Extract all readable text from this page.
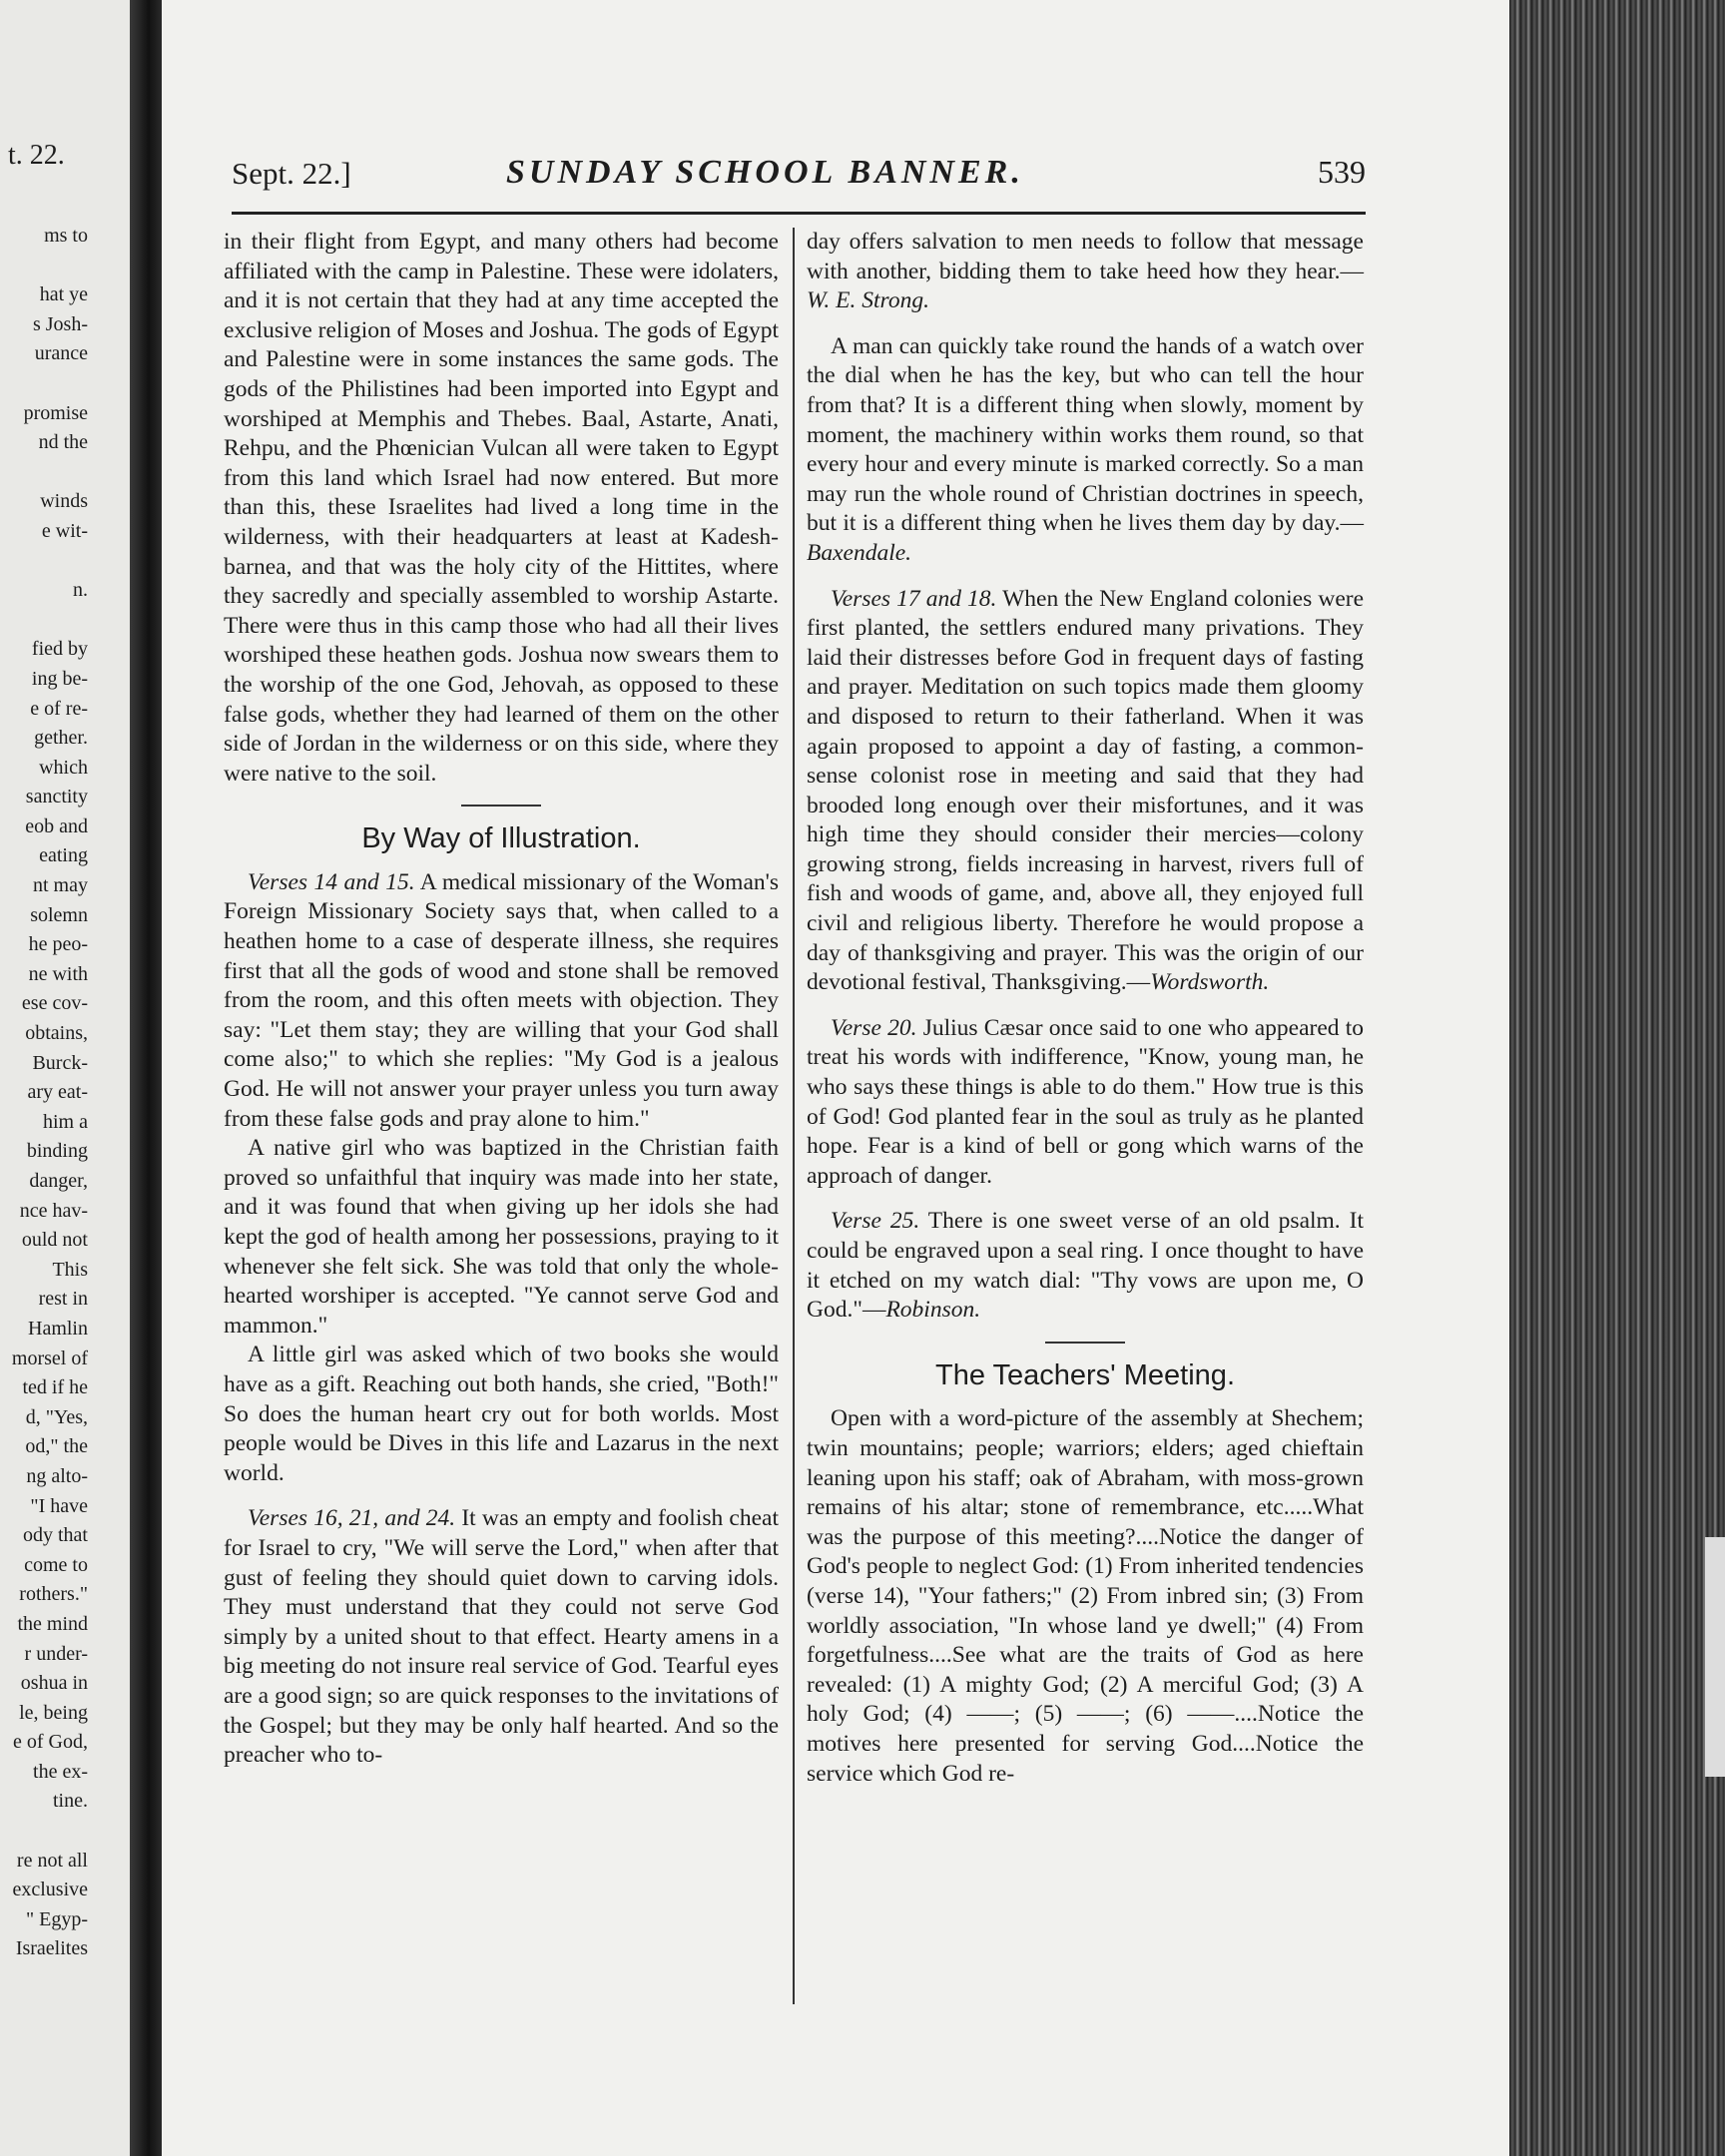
t. 22.
ms to

hat ye
s Josh-
urance

promise
nd the

winds
e wit-

n.

fied by
ing be-
e of re-
gether.
which
sanctity
eob and
eating
nt may
solemn
he peo-
ne with
ese cov-
obtains,
Burck-
ary eat-
him a
binding
danger,
nce hav-
ould not
This
rest in
Hamlin
morsel of
ted if he
d, "Yes,
od," the
ng alto-
"I have
ody that
come to
rothers."
the mind
r under-
oshua in
le, being
e of God,
the ex-
tine.

re not all
exclusive
" Egyp-
Israelites
Sept. 22.]	SUNDAY SCHOOL BANNER.	539

in their flight from Egypt, and many others had become affiliated with the camp in Palestine. These were idolaters, and it is not certain that they had at any time accepted the exclusive religion of Moses and Joshua. The gods of Egypt and Palestine were in some instances the same gods. The gods of the Philistines had been imported into Egypt and worshiped at Memphis and Thebes. Baal, Astarte, Anati, Rehpu, and the Phœnician Vulcan all were taken to Egypt from this land which Israel had now entered. But more than this, these Israelites had lived a long time in the wilderness, with their headquarters at least at Kadesh-barnea, and that was the holy city of the Hittites, where they sacredly and specially assembled to worship Astarte. There were thus in this camp those who had all their lives worshiped these heathen gods. Joshua now swears them to the worship of the one God, Jehovah, as opposed to these false gods, whether they had learned of them on the other side of Jordan in the wilderness or on this side, where they were native to the soil.

By Way of Illustration.

Verses 14 and 15. A medical missionary of the Woman's Foreign Missionary Society says that, when called to a heathen home to a case of desperate illness, she requires first that all the gods of wood and stone shall be removed from the room, and this often meets with objection. They say: "Let them stay; they are willing that your God shall come also;" to which she replies: "My God is a jealous God. He will not answer your prayer unless you turn away from these false gods and pray alone to him."

A native girl who was baptized in the Christian faith proved so unfaithful that inquiry was made into her state, and it was found that when giving up her idols she had kept the god of health among her possessions, praying to it whenever she felt sick. She was told that only the whole-hearted worshiper is accepted. "Ye cannot serve God and mammon."

A little girl was asked which of two books she would have as a gift. Reaching out both hands, she cried, "Both!" So does the human heart cry out for both worlds. Most people would be Dives in this life and Lazarus in the next world.

Verses 16, 21, and 24. It was an empty and foolish cheat for Israel to cry, "We will serve the Lord," when after that gust of feeling they should quiet down to carving idols. They must understand that they could not serve God simply by a united shout to that effect. Hearty amens in a big meeting do not insure real service of God. Tearful eyes are a good sign; so are quick responses to the invitations of the Gospel; but they may be only half hearted. And so the preacher who to-

day offers salvation to men needs to follow that message with another, bidding them to take heed how they hear.—W. E. Strong.

A man can quickly take round the hands of a watch over the dial when he has the key, but who can tell the hour from that? It is a different thing when slowly, moment by moment, the machinery within works them round, so that every hour and every minute is marked correctly. So a man may run the whole round of Christian doctrines in speech, but it is a different thing when he lives them day by day.—Baxendale.

Verses 17 and 18. When the New England colonies were first planted, the settlers endured many privations. They laid their distresses before God in frequent days of fasting and prayer. Meditation on such topics made them gloomy and disposed to return to their fatherland. When it was again proposed to appoint a day of fasting, a common-sense colonist rose in meeting and said that they had brooded long enough over their misfortunes, and it was high time they should consider their mercies—colony growing strong, fields increasing in harvest, rivers full of fish and woods of game, and, above all, they enjoyed full civil and religious liberty. Therefore he would propose a day of thanksgiving and prayer. This was the origin of our devotional festival, Thanksgiving.—Wordsworth.

Verse 20. Julius Cæsar once said to one who appeared to treat his words with indifference, "Know, young man, he who says these things is able to do them." How true is this of God! God planted fear in the soul as truly as he planted hope. Fear is a kind of bell or gong which warns of the approach of danger.

Verse 25. There is one sweet verse of an old psalm. It could be engraved upon a seal ring. I once thought to have it etched on my watch dial: "Thy vows are upon me, O God."—Robinson.

The Teachers' Meeting.

Open with a word-picture of the assembly at Shechem; twin mountains; people; warriors; elders; aged chieftain leaning upon his staff; oak of Abraham, with moss-grown remains of his altar; stone of remembrance, etc.....What was the purpose of this meeting?....Notice the danger of God's people to neglect God: (1) From inherited tendencies (verse 14), "Your fathers;" (2) From inbred sin; (3) From worldly association, "In whose land ye dwell;" (4) From forgetfulness....See what are the traits of God as here revealed: (1) A mighty God; (2) A merciful God; (3) A holy God; (4) ——; (5) ——; (6) ——....Notice the motives here presented for serving God....Notice the service which God re-
